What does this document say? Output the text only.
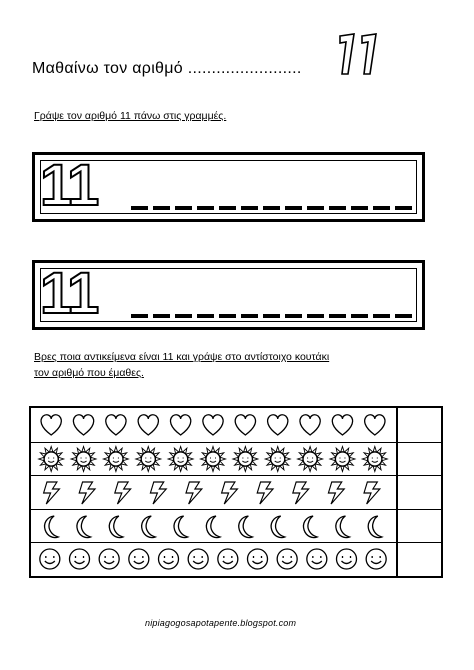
Μαθαίνω τον αριθμό ........................
Γράψε τον αριθμό 11 πάνω στις γραμμές.
11
11
Βρες ποια αντικείμενα είναι 11 και γράψε στο αντίστοιχο κουτάκι
τον αριθμό που έμαθες.
nipiagogosapotapente.blogspot.com
